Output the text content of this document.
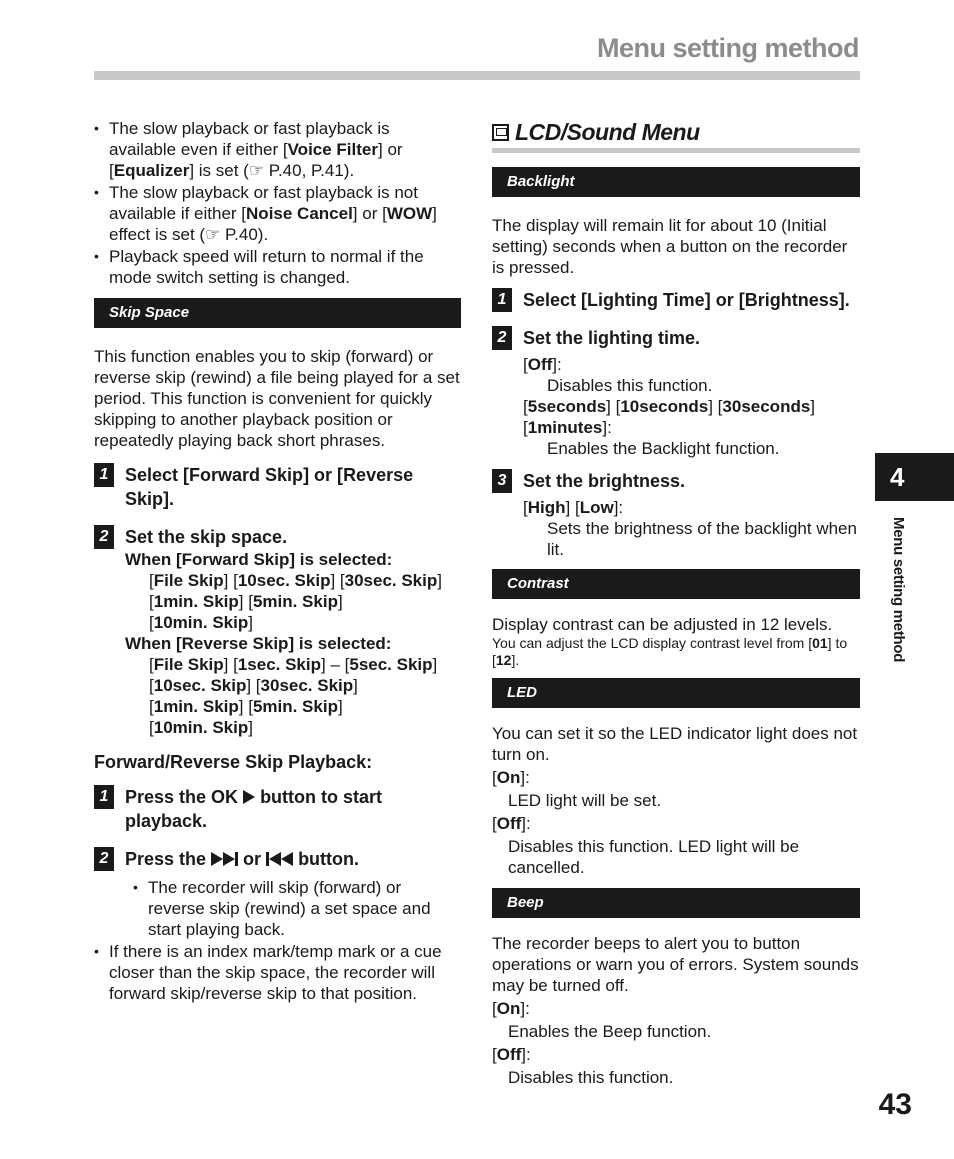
Menu setting method
• The slow playback or fast playback is available even if either [Voice Filter] or [Equalizer] is set (☞ P.40, P.41).
• The slow playback or fast playback is not available if either [Noise Cancel] or [WOW] effect is set (☞ P.40).
• Playback speed will return to normal if the mode switch setting is changed.
Skip Space

This function enables you to skip (forward) or reverse skip (rewind) a file being played for a set period. This function is convenient for quickly skipping to another playback position or repeatedly playing back short phrases.

1 Select [Forward Skip] or [Reverse Skip].
2 Set the skip space.
When [Forward Skip] is selected:
[File Skip] [10sec. Skip] [30sec. Skip]
[1min. Skip] [5min. Skip]
[10min. Skip]
When [Reverse Skip] is selected:
[File Skip] [1sec. Skip] – [5sec. Skip]
[10sec. Skip] [30sec. Skip]
[1min. Skip] [5min. Skip]
[10min. Skip]
Forward/Reverse Skip Playback:
1 Press the OK  button to start playback.
2 Press the  or  button.
• The recorder will skip (forward) or reverse skip (rewind) a set space and start playing back.
• If there is an index mark/temp mark or a cue closer than the skip space, the recorder will forward skip/reverse skip to that position.
LCD/Sound Menu
Backlight

The display will remain lit for about 10 (Initial setting) seconds when a button on the recorder is pressed.

1 Select [Lighting Time] or [Brightness].
2 Set the lighting time.
[Off]:
Disables this function.
[5seconds] [10seconds] [30seconds]
[1minutes]:
Enables the Backlight function.
3 Set the brightness.
[High] [Low]:
Sets the brightness of the backlight when lit.
Contrast

Display contrast can be adjusted in 12 levels.

You can adjust the LCD display contrast level from [01] to [12].

LED

You can set it so the LED indicator light does not turn on.

[On]:
LED light will be set.
[Off]:
Disables this function. LED light will be cancelled.
Beep

The recorder beeps to alert you to button operations or warn you of errors. System sounds may be turned off.

[On]:
Enables the Beep function.
[Off]:
Disables this function.
4
Menu setting method
43
